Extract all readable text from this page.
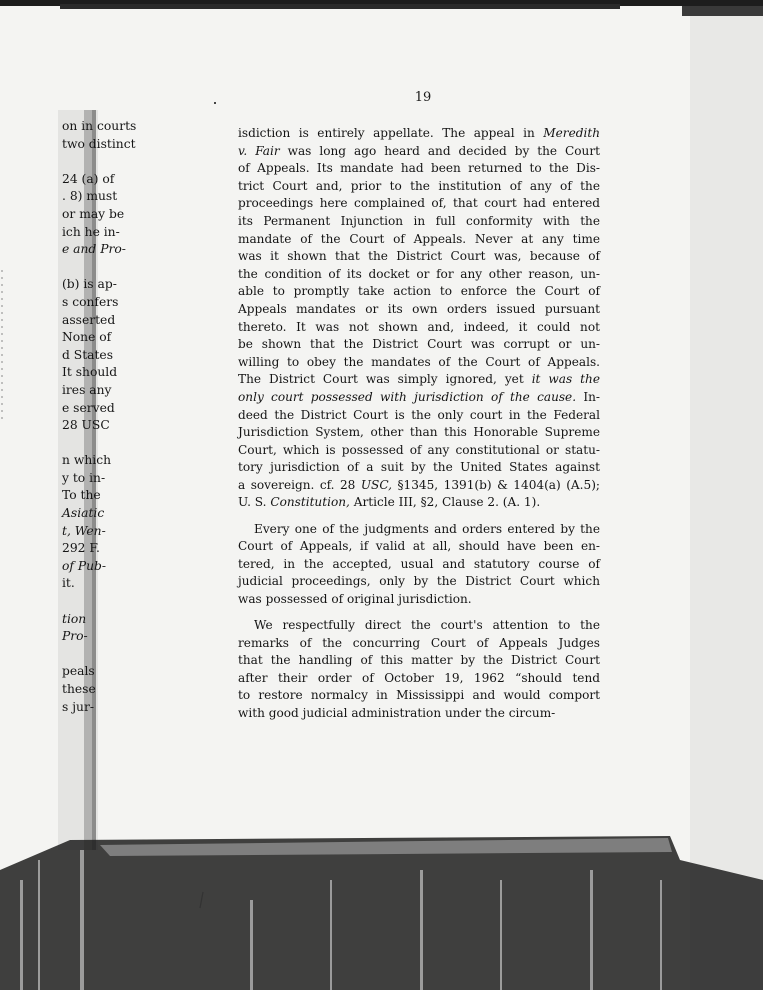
on in courts
two distinct
24 (a) of
. 8) must
or may be
ich he in-
e and Pro-
(b) is ap-
s confers
asserted
None of
d States
It should
ires any
e served
28 USC
n which
y to in-
To the
Asiatic
t, Wen-
292 F.
of Pub-
it.
tion
Pro-
peals
these
s jur-
19
isdiction is entirely appellate. The appeal in Meredith
v. Fair was long ago heard and decided by the Court
of Appeals. Its mandate had been returned to the Dis-
trict Court and, prior to the institution of any of the
proceedings here complained of, that court had entered
its Permanent Injunction in full conformity with the
mandate of the Court of Appeals. Never at any time
was it shown that the District Court was, because of
the condition of its docket or for any other reason, un-
able to promptly take action to enforce the Court of
Appeals mandates or its own orders issued pursuant
thereto. It was not shown and, indeed, it could not
be shown that the District Court was corrupt or un-
willing to obey the mandates of the Court of Appeals.
The District Court was simply ignored, yet it was the
only court possessed with jurisdiction of the cause. In-
deed the District Court is the only court in the Federal
Jurisdiction System, other than this Honorable Supreme
Court, which is possessed of any constitutional or statu-
tory jurisdiction of a suit by the United States against
a sovereign. cf. 28 USC, §1345, 1391(b) & 1404(a) (A.5);
U. S. Constitution, Article III, §2, Clause 2. (A. 1).
Every one of the judgments and orders entered by the
Court of Appeals, if valid at all, should have been en-
tered, in the accepted, usual and statutory course of
judicial proceedings, only by the District Court which
was possessed of original jurisdiction.
We respectfully direct the court's attention to the
remarks of the concurring Court of Appeals Judges
that the handling of this matter by the District Court
after their order of October 19, 1962 “should tend
to restore normalcy in Mississippi and would comport
with good judicial administration under the circum-
